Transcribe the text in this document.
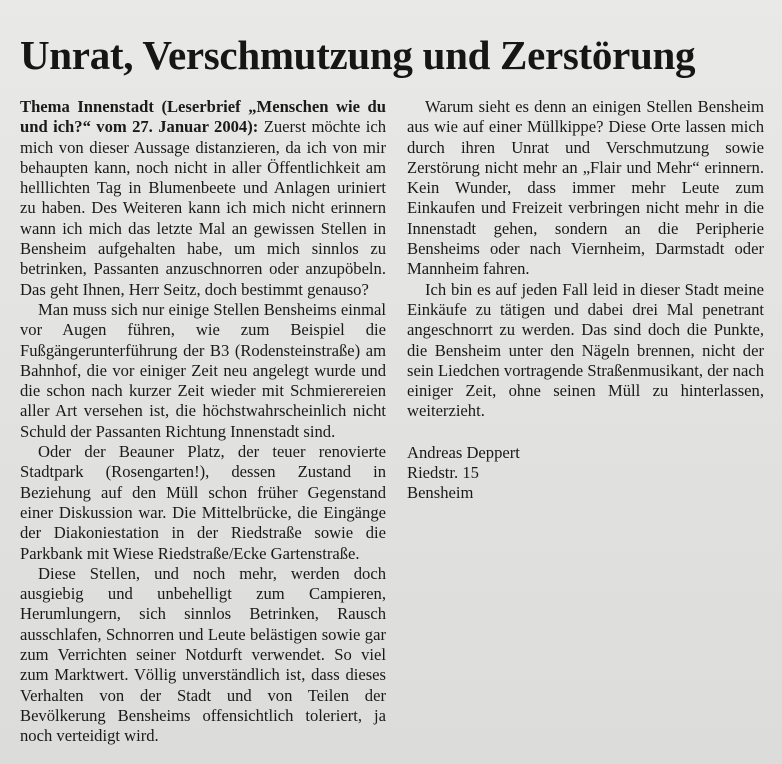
Unrat, Verschmutzung und Zerstörung

Thema Innenstadt (Leserbrief „Menschen wie du und ich?“ vom 27. Januar 2004): Zuerst möchte ich mich von dieser Aussage distanzieren, da ich von mir behaupten kann, noch nicht in aller Öffentlichkeit am helllichten Tag in Blumenbeete und Anlagen uriniert zu haben. Des Weiteren kann ich mich nicht erinnern wann ich mich das letzte Mal an gewissen Stellen in Bensheim aufgehalten habe, um mich sinnlos zu betrinken, Passanten anzuschnorren oder anzupöbeln. Das geht Ihnen, Herr Seitz, doch bestimmt genauso?

Man muss sich nur einige Stellen Bensheims einmal vor Augen führen, wie zum Beispiel die Fußgängerunterführung der B3 (Rodensteinstraße) am Bahnhof, die vor einiger Zeit neu angelegt wurde und die schon nach kurzer Zeit wieder mit Schmierereien aller Art versehen ist, die höchstwahrscheinlich nicht Schuld der Passanten Richtung Innenstadt sind.

Oder der Beauner Platz, der teuer renovierte Stadtpark (Rosengarten!), dessen Zustand in Beziehung auf den Müll schon früher Gegenstand einer Diskussion war. Die Mittelbrücke, die Eingänge der Diakoniestation in der Riedstraße sowie die Parkbank mit Wiese Riedstraße/Ecke Gartenstraße.

Diese Stellen, und noch mehr, werden doch ausgiebig und unbehelligt zum Campieren, Herumlungern, sich sinnlos Betrinken, Rausch ausschlafen, Schnorren und Leute belästigen sowie gar zum Verrichten seiner Notdurft verwendet. So viel zum Marktwert. Völlig unverständlich ist, dass dieses Verhalten von der Stadt und von Teilen der Bevölkerung Bensheims offensichtlich toleriert, ja noch verteidigt wird.

Warum sieht es denn an einigen Stellen Bensheim aus wie auf einer Müllkippe? Diese Orte lassen mich durch ihren Unrat und Verschmutzung sowie Zerstörung nicht mehr an „Flair und Mehr“ erinnern. Kein Wunder, dass immer mehr Leute zum Einkaufen und Freizeit verbringen nicht mehr in die Innenstadt gehen, sondern an die Peripherie Bensheims oder nach Viernheim, Darmstadt oder Mannheim fahren.

Ich bin es auf jeden Fall leid in dieser Stadt meine Einkäufe zu tätigen und dabei drei Mal penetrant angeschnorrt zu werden. Das sind doch die Punkte, die Bensheim unter den Nägeln brennen, nicht der sein Liedchen vortragende Straßenmusikant, der nach einiger Zeit, ohne seinen Müll zu hinterlassen, weiterzieht.

Andreas Deppert
Riedstr. 15
Bensheim
